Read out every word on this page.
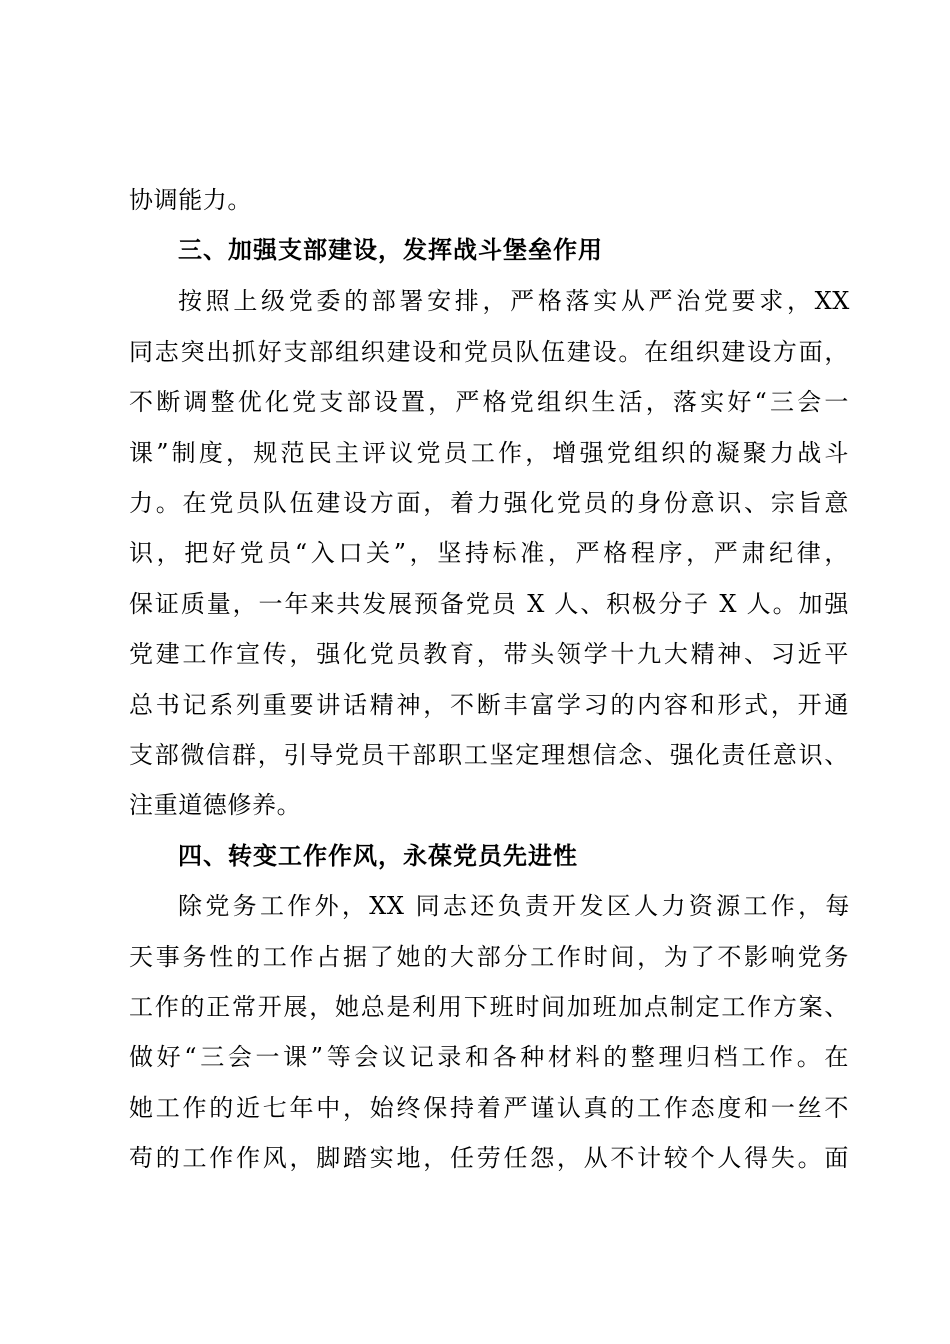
协调能力。
三、加强支部建设，发挥战斗堡垒作用
按照上级党委的部署安排，严格落实从严治党要求，XX
同志突出抓好支部组织建设和党员队伍建设。在组织建设方面，
不断调整优化党支部设置，严格党组织生活，落实好“三会一
课”制度，规范民主评议党员工作，增强党组织的凝聚力战斗
力。在党员队伍建设方面，着力强化党员的身份意识、宗旨意
识，把好党员“入口关”，坚持标准，严格程序，严肃纪律，
保证质量，一年来共发展预备党员 X 人、积极分子 X 人。加强
党建工作宣传，强化党员教育，带头领学十九大精神、习近平
总书记系列重要讲话精神，不断丰富学习的内容和形式，开通
支部微信群，引导党员干部职工坚定理想信念、强化责任意识、
注重道德修养。
四、转变工作作风，永葆党员先进性
除党务工作外，XX 同志还负责开发区人力资源工作，每
天事务性的工作占据了她的大部分工作时间，为了不影响党务
工作的正常开展，她总是利用下班时间加班加点制定工作方案、
做好“三会一课”等会议记录和各种材料的整理归档工作。在
她工作的近七年中，始终保持着严谨认真的工作态度和一丝不
苟的工作作风，脚踏实地，任劳任怨，从不计较个人得失。面
